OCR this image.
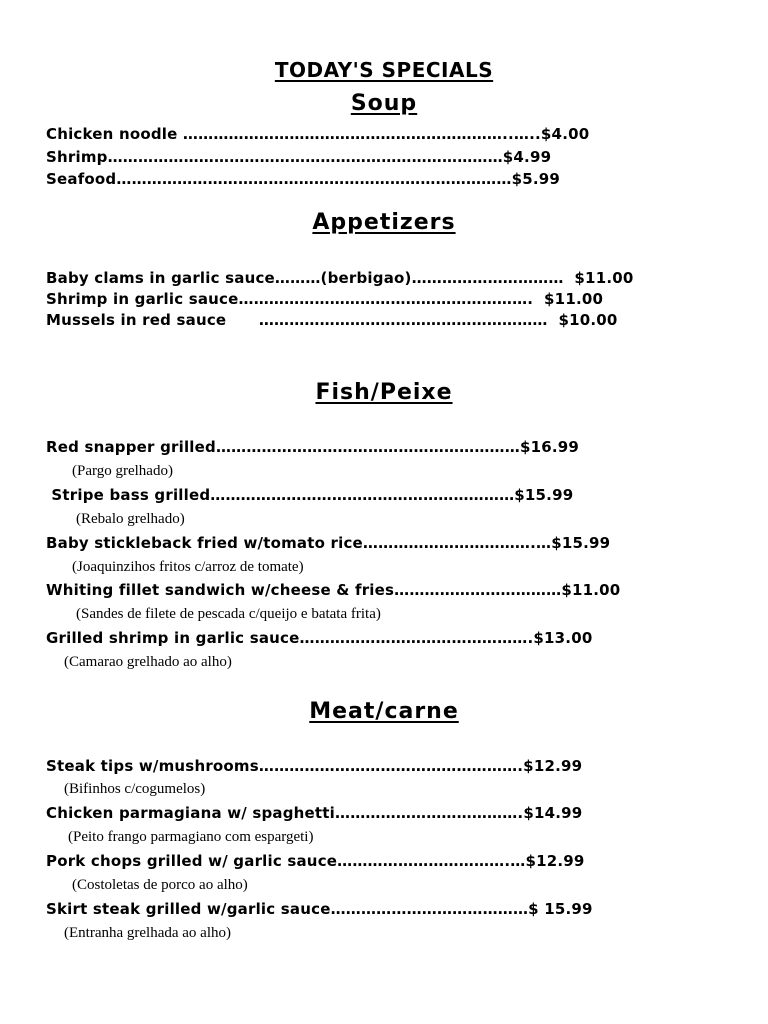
TODAY'S SPECIALS
Soup
Chicken noodle ………………………………………………………..…..$4.00
Shrimp……………………………………………………………………$4.99
Seafood……………………………………………………………………$5.99
Appetizers
Baby clams in garlic sauce………(berbigao)…………………………  $11.00
Shrimp in garlic sauce………………………………………………….  $11.00
Mussels in red sauce      …………………………………………………  $10.00
Fish/Peixe
Red snapper grilled……………………………………………………$16.99
(Pargo grelhado)
Stripe bass grilled……………………………………………………$15.99
(Rebalo grelhado)
Baby stickleback fried w/tomato rice…………………………….…$15.99
(Joaquinzihos fritos c/arroz de tomate)
Whiting fillet sandwich w/cheese & fries……………………………$11.00
(Sandes de filete de pescada c/queijo e batata frita)
Grilled shrimp in garlic sauce……………………………………….$13.00
(Camarao grelhado ao alho)
Meat/carne
Steak tips w/mushrooms…………………………………………….$12.99
(Bifinhos c/cogumelos)
Chicken parmagiana w/ spaghetti……………………………….$14.99
(Peito frango parmagiano com espargeti)
Pork chops grilled w/ garlic sauce…………………………….…$12.99
(Costoletas de porco ao alho)
Skirt steak grilled w/garlic sauce…………………………………$ 15.99
(Entranha grelhada ao alho)
